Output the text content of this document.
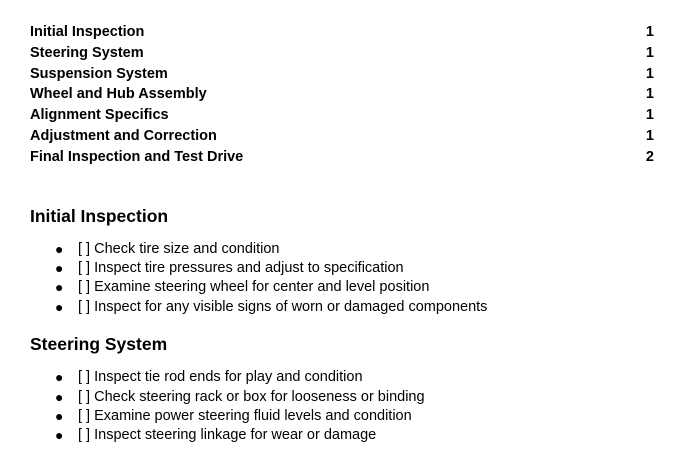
Initial Inspection	1
Steering System	1
Suspension System	1
Wheel and Hub Assembly	1
Alignment Specifics	1
Adjustment and Correction	1
Final Inspection and Test Drive	2
Initial Inspection
● [ ] Check tire size and condition
● [ ] Inspect tire pressures and adjust to specification
● [ ] Examine steering wheel for center and level position
● [ ] Inspect for any visible signs of worn or damaged components
Steering System
● [ ] Inspect tie rod ends for play and condition
● [ ] Check steering rack or box for looseness or binding
● [ ] Examine power steering fluid levels and condition
● [ ] Inspect steering linkage for wear or damage
